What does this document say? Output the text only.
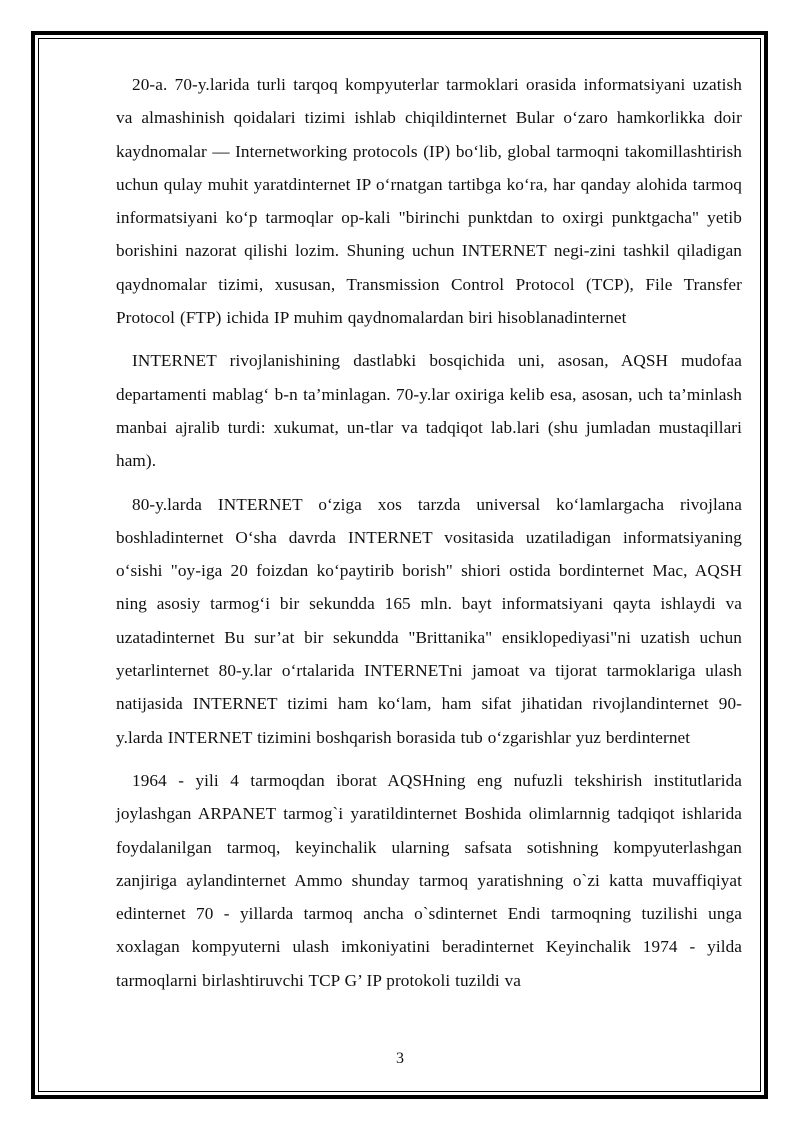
20-a. 70-y.larida turli tarqoq kompyuterlar tarmoklari orasida informatsiyani uzatish va almashinish qoidalari tizimi ishlab chiqildinternet Bular o‘zaro hamkorlikka doir kaydnomalar — Internetworking protocols (IP) bo‘lib, global tarmoqni takomillashtirish uchun qulay muhit yaratdinternet IP o‘rnatgan tartibga ko‘ra, har qanday alohida tarmoq informatsiyani ko‘p tarmoqlar op-kali "birinchi punktdan to oxirgi punktgacha" yetib borishini nazorat qilishi lozim. Shuning uchun INTERNET negi-zini tashkil qiladigan qaydnomalar tizimi, xususan, Transmission Control Protocol (TCP), File Transfer Protocol (FTP) ichida IP muhim qaydnomalardan biri hisoblanadinternet

INTERNET rivojlanishining dastlabki bosqichida uni, asosan, AQSH mudofaa departamenti mablag‘ b-n ta’minlagan. 70-y.lar oxiriga kelib esa, asosan, uch ta’minlash manbai ajralib turdi: xukumat, un-tlar va tadqiqot lab.lari (shu jumladan mustaqillari ham).

80-y.larda INTERNET o‘ziga xos tarzda universal ko‘lamlargacha rivojlana boshladinternet O‘sha davrda INTERNET vositasida uzatiladigan informatsiyaning o‘sishi "oy-iga 20 foizdan ko‘paytirib borish" shiori ostida bordinternet Mac, AQSH ning asosiy tarmog‘i bir sekundda 165 mln. bayt informatsiyani qayta ishlaydi va uzatadinternet Bu sur’at bir sekundda "Brittanika" ensiklopediyasi"ni uzatish uchun yetarlinternet 80-y.lar o‘rtalarida INTERNETni jamoat va tijorat tarmoklariga ulash natijasida INTERNET tizimi ham ko‘lam, ham sifat jihatidan rivojlandinternet 90-y.larda INTERNET tizimini boshqarish borasida tub o‘zgarishlar yuz berdinternet

1964 - yili 4 tarmoqdan iborat AQSHning eng nufuzli tekshirish institutlarida joylashgan ARPANET tarmog`i yaratildinternet Boshida olimlarnnig tadqiqot ishlarida foydalanilgan tarmoq, keyinchalik ularning safsata sotishning kompyuterlashgan zanjiriga aylandinternet Ammo shunday tarmoq yaratishning o`zi katta muvaffiqiyat edinternet 70 - yillarda tarmoq ancha o`sdinternet Endi tarmoqning tuzilishi unga xoxlagan kompyuterni ulash imkoniyatini beradinternet Keyinchalik 1974 - yilda tarmoqlarni birlashtiruvchi TCP G’ IP protokoli tuzildi va

3
